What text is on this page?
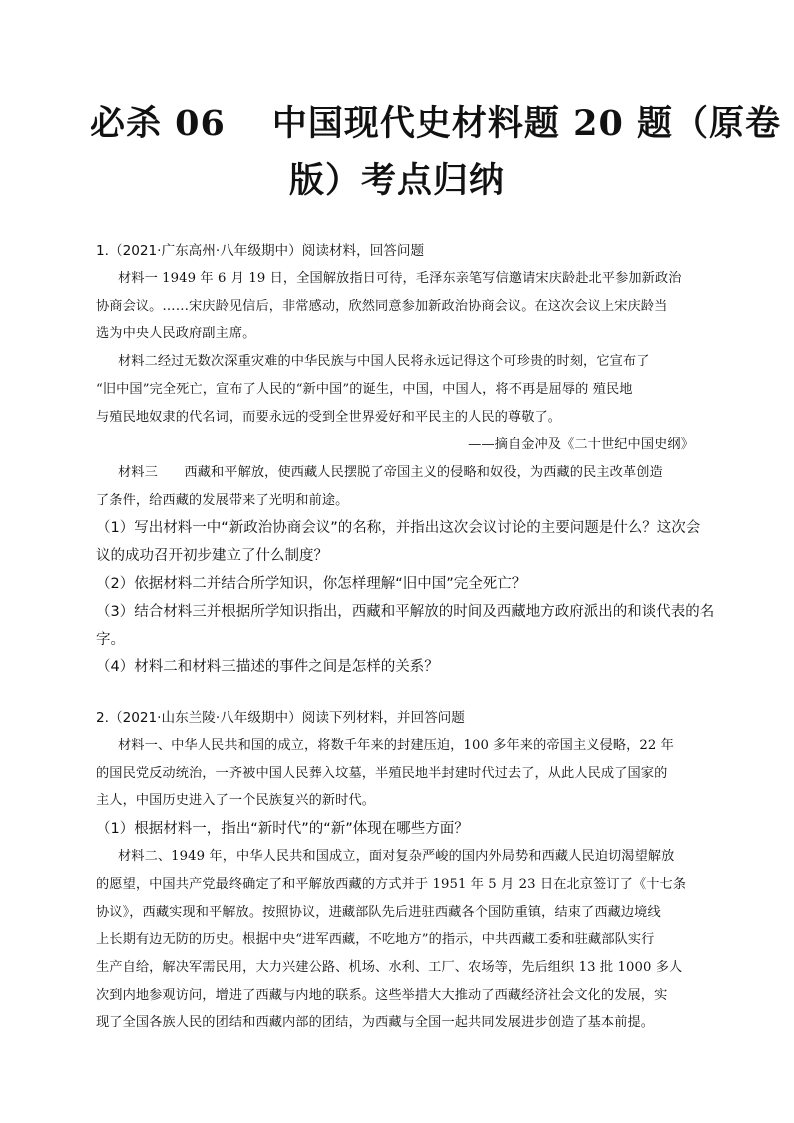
必杀 06 中国现代史材料题 20 题（原卷
版）考点归纳
1.（2021·广东高州·八年级期中）阅读材料，回答问题
材料一 1949 年 6 月 19 日，全国解放指日可待，毛泽东亲笔写信邀请宋庆龄赴北平参加新政治
协商会议。……宋庆龄见信后，非常感动，欣然同意参加新政治协商会议。在这次会议上宋庆龄当
选为中央人民政府副主席。
材料二经过无数次深重灾难的中华民族与中国人民将永远记得这个可珍贵的时刻，它宣布了
“旧中国”完全死亡，宣布了人民的“新中国”的诞生，中国，中国人，将不再是屈辱的 殖民地
与殖民地奴隶的代名词，而要永远的受到全世界爱好和平民主的人民的尊敬了。
——摘自金冲及《二十世纪中国史纲》
材料三　　西藏和平解放，使西藏人民摆脱了帝国主义的侵略和奴役，为西藏的民主改革创造
了条件，给西藏的发展带来了光明和前途。
（1）写出材料一中“新政治协商会议”的名称，并指出这次会议讨论的主要问题是什么？这次会
议的成功召开初步建立了什么制度？
（2）依据材料二并结合所学知识，你怎样理解“旧中国”完全死亡？
（3）结合材料三并根据所学知识指出，西藏和平解放的时间及西藏地方政府派出的和谈代表的名
字。
（4）材料二和材料三描述的事件之间是怎样的关系？
2.（2021·山东兰陵·八年级期中）阅读下列材料，并回答问题
材料一、中华人民共和国的成立，将数千年来的封建压迫，100 多年来的帝国主义侵略，22 年
的国民党反动统治，一齐被中国人民葬入坟墓，半殖民地半封建时代过去了，从此人民成了国家的
主人，中国历史进入了一个民族复兴的新时代。
（1）根据材料一，指出“新时代”的“新”体现在哪些方面？
材料二、1949 年，中华人民共和国成立，面对复杂严峻的国内外局势和西藏人民迫切渴望解放
的愿望，中国共产党最终确定了和平解放西藏的方式并于 1951 年 5 月 23 日在北京签订了《十七条
协议》，西藏实现和平解放。按照协议，进藏部队先后进驻西藏各个国防重镇，结束了西藏边境线
上长期有边无防的历史。根据中央“进军西藏，不吃地方”的指示，中共西藏工委和驻藏部队实行
生产自给，解决军需民用，大力兴建公路、机场、水利、工厂、农场等，先后组织 13 批 1000 多人
次到内地参观访问，增进了西藏与内地的联系。这些举措大大推动了西藏经济社会文化的发展，实
现了全国各族人民的团结和西藏内部的团结，为西藏与全国一起共同发展进步创造了基本前提。
